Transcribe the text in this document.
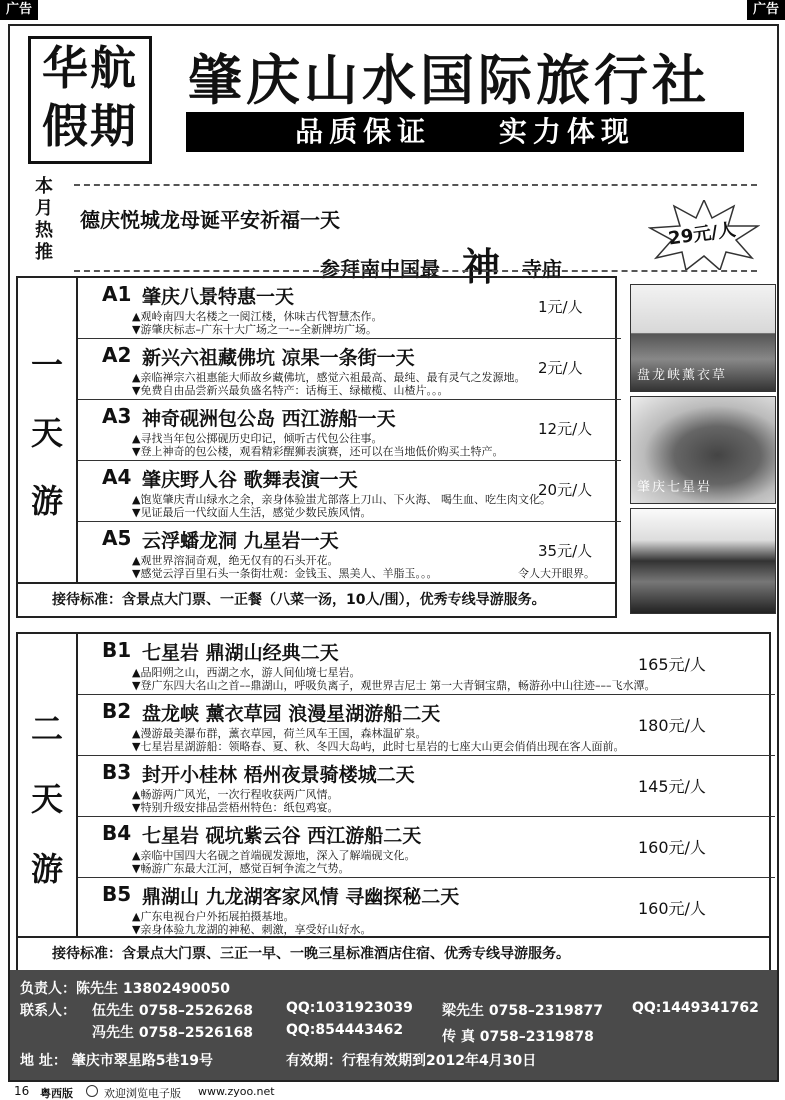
广告	广告
华航
假期
肇庆山水国际旅行社
品质保证 实力体现
本
月
热
推
德庆悦城龙母诞平安祈福一天
参拜南中国最 神 寺庙
29元/人
一
天
游
A1 肇庆八景特惠一天	1元/人
▲观岭南四大名楼之一阅江楼，休味古代智慧杰作。
▼游肇庆标志–广东十大广场之一––全新牌坊广场。
A2 新兴六祖藏佛坑 凉果一条街一天	2元/人
▲亲临禅宗六祖惠能大师故乡藏佛坑，感觉六祖最高、最纯、最有灵气之发源地。
▼免费自由品尝新兴最负盛名特产：话梅王、绿橄榄、山楂片。。。
A3 神奇砚洲包公岛 西江游船一天	12元/人
▲寻找当年包公掷砚历史印记，倾听古代包公往事。
▼登上神奇的包公楼，观看精彩醒狮表演赛，还可以在当地低价购买土特产。
A4 肇庆野人谷 歌舞表演一天	20元/人
▲饱览肇庆青山绿水之余，亲身体验蚩尤部落上刀山、下火海、 喝生血、吃生肉文化。
▼见证最后一代纹面人生活，感觉少数民族风情。
A5 云浮蟠龙洞 九星岩一天	35元/人
▲观世界溶洞奇观，绝无仅有的石头开花。
▼感觉云浮百里石头一条街壮观：金钱玉、黑美人、羊脂玉。。。	令人大开眼界。
接待标准：含景点大门票、一正餐（八菜一汤，10人/围），优秀专线导游服务。
盘龙峡薰衣草
肇庆七星岩
二
天
游
B1 七星岩 鼎湖山经典二天
165元/人
▲品阳朔之山，西湖之水，游人间仙境七星岩。
▼登广东四大名山之首––鼎湖山，呼吸负离子，观世界吉尼士 第一大青铜宝鼎，畅游孙中山往迹–––飞水潭。
B2 盘龙峡 薰衣草园 浪漫星湖游船二天
180元/人
▲漫游最美瀑布群，薰衣草园，荷兰风车王国，森林温矿泉。
▼七星岩星湖游船：领略春、夏、秋、冬四大岛屿，此时七星岩的七座大山更会俏俏出现在客人面前。
B3 封开小桂林 梧州夜景骑楼城二天
145元/人
▲畅游两广风光，一次行程收获两广风情。
▼特别升级安排品尝梧州特色：纸包鸡宴。
B4 七星岩 砚坑紫云谷 西江游船二天
160元/人
▲亲临中国四大名砚之首端砚发源地，深入了解端砚文化。
▼畅游广东最大江河，感觉百轲争流之气势。
B5 鼎湖山 九龙湖客家风情 寻幽探秘二天
160元/人
▲广东电视台户外拓展拍摄基地。
▼亲身体验九龙湖的神秘、刺激，享受好山好水。
接待标准：含景点大门票、三正一早、一晚三星标准酒店住宿、优秀专线导游服务。
负责人：陈先生 13802490050
联系人： 伍先生 0758–2526268 QQ:1031923039 梁先生 0758–2319877 QQ:1449341762
冯先生 0758–2526168 QQ:854443462	传 真 0758–2319878
地 址： 肇庆市翠星路5巷19号	有效期：行程有效期到2012年4月30日
16 粤西版	欢迎浏览电子版 www.zyoo.net
